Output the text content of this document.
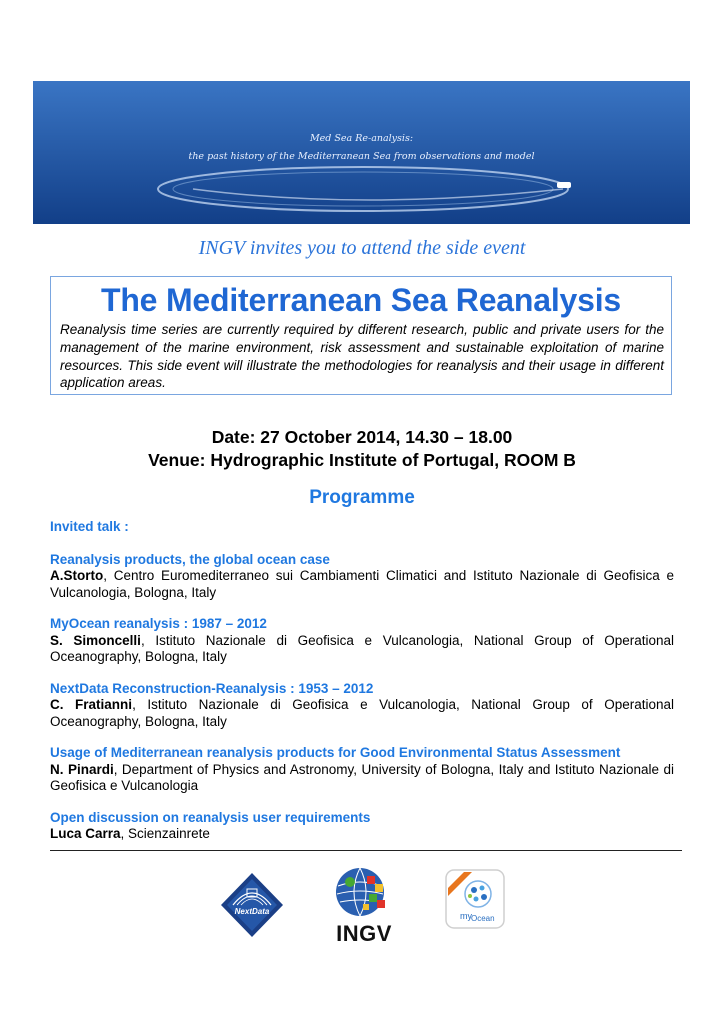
Med Sea Re-analysis:
the past history of the Mediterranean Sea from observations and model
INGV invites you to attend the side event
The Mediterranean Sea Reanalysis
Reanalysis time series are currently required by different research, public and private users for the management of the marine environment, risk assessment and sustainable exploitation of marine resources. This side event will illustrate the methodologies for reanalysis and their usage in different application areas.
Date: 27 October 2014, 14.30 – 18.00
Venue: Hydrographic Institute of Portugal, ROOM B
Programme
Invited talk :
Reanalysis products, the global ocean case
A.Storto, Centro Euromediterraneo sui Cambiamenti Climatici and Istituto Nazionale di Geofisica e Vulcanologia, Bologna, Italy
MyOcean reanalysis : 1987 – 2012
S. Simoncelli, Istituto Nazionale di Geofisica e Vulcanologia, National Group of Operational Oceanography, Bologna, Italy
NextData Reconstruction-Reanalysis : 1953 – 2012
C. Fratianni, Istituto Nazionale di Geofisica e Vulcanologia, National Group of Operational Oceanography, Bologna, Italy
Usage of Mediterranean reanalysis products for Good Environmental Status Assessment
N. Pinardi, Department of Physics and Astronomy, University of Bologna, Italy and Istituto Nazionale di Geofisica e Vulcanologia
Open discussion on reanalysis user requirements
Luca Carra, Scienzainrete
NextData
INGV
my Ocean
